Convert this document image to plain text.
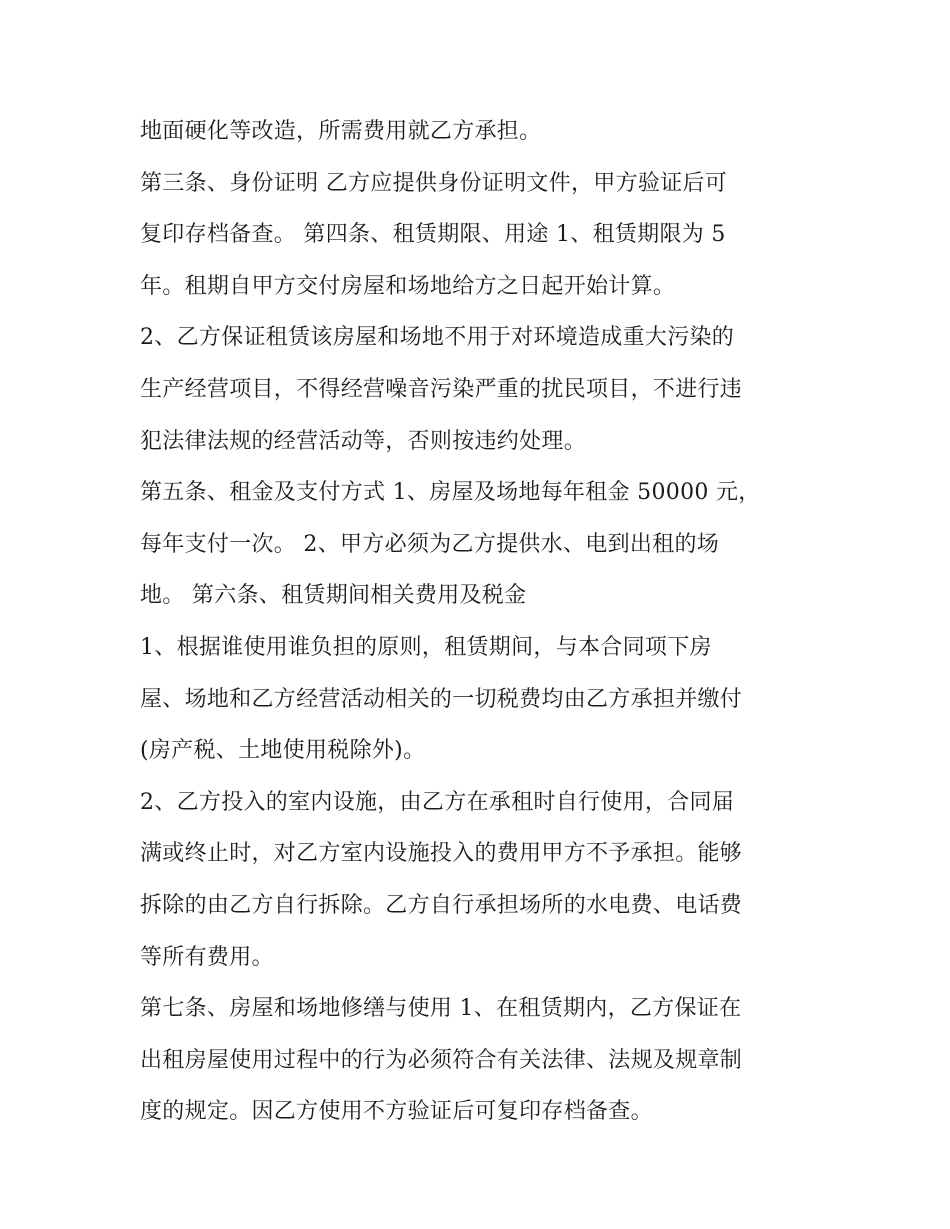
地面硬化等改造，所需费用就乙方承担。
第三条、身份证明 乙方应提供身份证明文件，甲方验证后可
复印存档备查。 第四条、租赁期限、用途 1、租赁期限为 5
年。租期自甲方交付房屋和场地给方之日起开始计算。
2、乙方保证租赁该房屋和场地不用于对环境造成重大污染的
生产经营项目，不得经营噪音污染严重的扰民项目，不进行违
犯法律法规的经营活动等，否则按违约处理。
第五条、租金及支付方式 1、房屋及场地每年租金 50000 元，
每年支付一次。 2、甲方必须为乙方提供水、电到出租的场
地。 第六条、租赁期间相关费用及税金
1、根据谁使用谁负担的原则，租赁期间，与本合同项下房
屋、场地和乙方经营活动相关的一切税费均由乙方承担并缴付
(房产税、土地使用税除外)。
2、乙方投入的室内设施，由乙方在承租时自行使用，合同届
满或终止时，对乙方室内设施投入的费用甲方不予承担。能够
拆除的由乙方自行拆除。乙方自行承担场所的水电费、电话费
等所有费用。
第七条、房屋和场地修缮与使用 1、在租赁期内，乙方保证在
出租房屋使用过程中的行为必须符合有关法律、法规及规章制
度的规定。因乙方使用不方验证后可复印存档备查。
